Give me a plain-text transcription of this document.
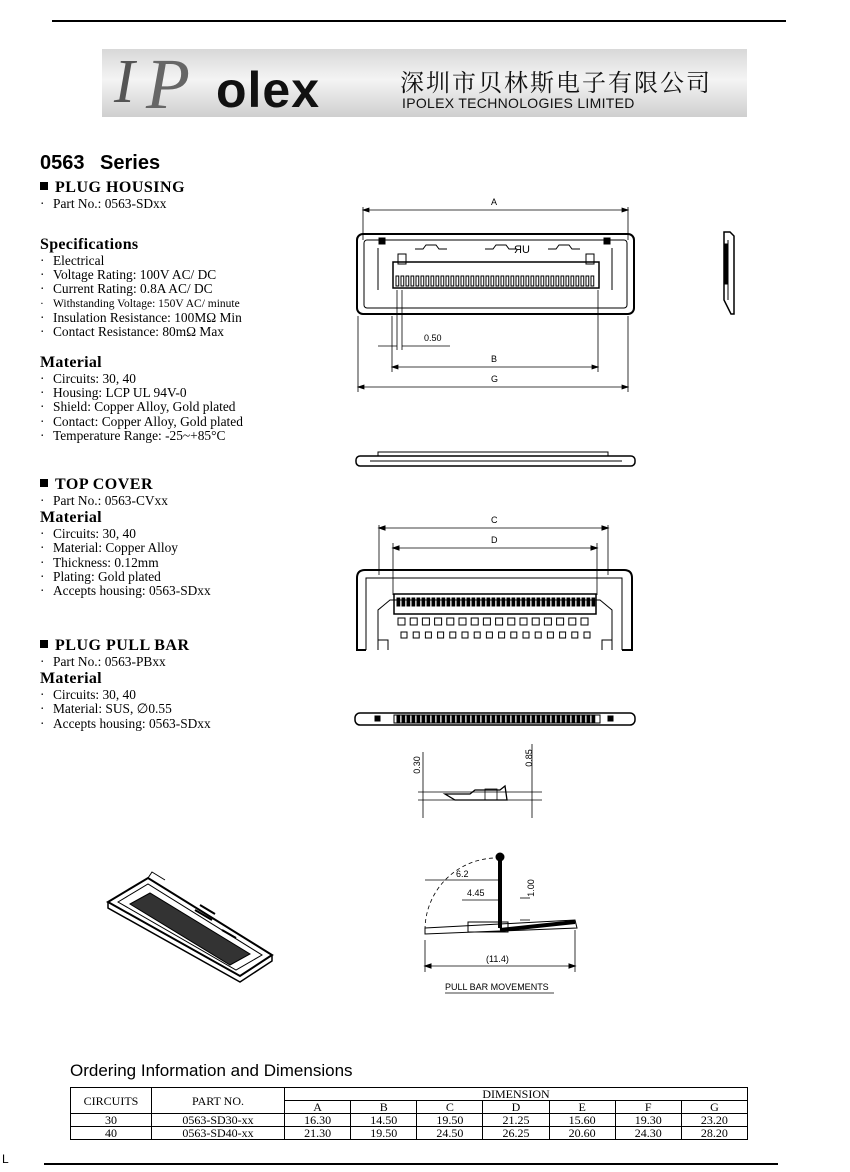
I P olex	深圳市贝林斯电子有限公司
IPOLEX TECHNOLOGIES LIMITED
0563 Series

PLUG HOUSING

· Part No.: 0563-SDxx

Specifications

· Electrical

· Voltage Rating: 100V AC/ DC

· Current Rating: 0.8A AC/ DC

· Withstanding Voltage: 150V AC/ minute

· Insulation Resistance: 100MΩ Min

· Contact Resistance: 80mΩ Max

Material

· Circuits: 30, 40

· Housing: LCP UL 94V-0

· Shield: Copper Alloy, Gold plated

· Contact: Copper Alloy, Gold plated

· Temperature Range: -25~+85°C

TOP COVER

· Part No.: 0563-CVxx

Material

· Circuits: 30, 40

· Material: Copper Alloy

· Thickness: 0.12mm

· Plating: Gold plated

· Accepts housing: 0563-SDxx

PLUG PULL BAR

· Part No.: 0563-PBxx

Material

· Circuits: 30, 40

· Material: SUS, ∅0.55

· Accepts housing: 0563-SDxx

A
ЯU
0.50
B
G
C
D
0.30	0.85
6.2
4.45	1.00
(11.4)
PULL BAR MOVEMENTS
Ordering Information and Dimensions
CIRCUITS	PART NO.	DIMENSION						
		A	B	C	D	E	F	G
30	0563-SD30-xx	16.30	14.50	19.50	21.25	15.60	19.30	23.20
40	0563-SD40-xx	21.30	19.50	24.50	26.25	20.60	24.30	28.20
L
